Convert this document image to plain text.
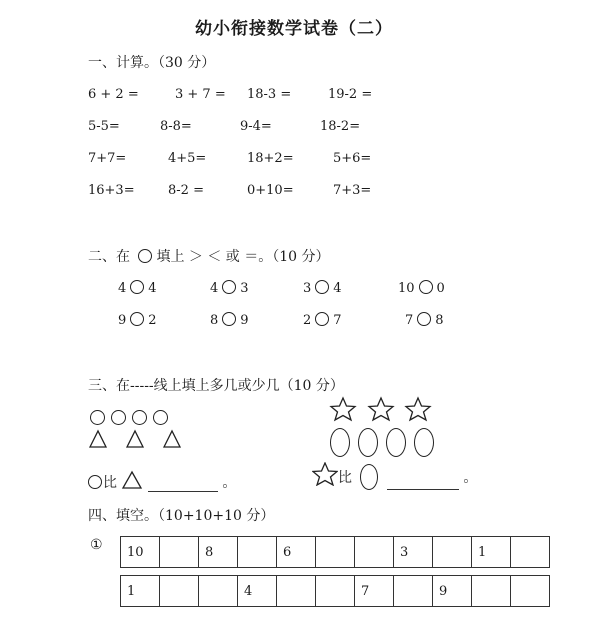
幼小衔接数学试卷（二）
一、计算。（30 分）
6 + 2 =	3 + 7 = 18-3 =	19-2 =
5-5=	8-8=	9-4=	18-2=
7+7=	4+5=	18+2=	5+6=
16+3=	8-2 =	0+10=	7+3=
二、在 填上 ＞ ＜ 或 ＝。（10 分）
4 4	4 3	3 4	10 0
9 2	8 9	2 7	7 8
三、在-----线上填上多几或少几（10 分）
比	。	比	。
四、填空。（10+10+10 分）
① 10		8		6			3		1	
1			4			7		9		
